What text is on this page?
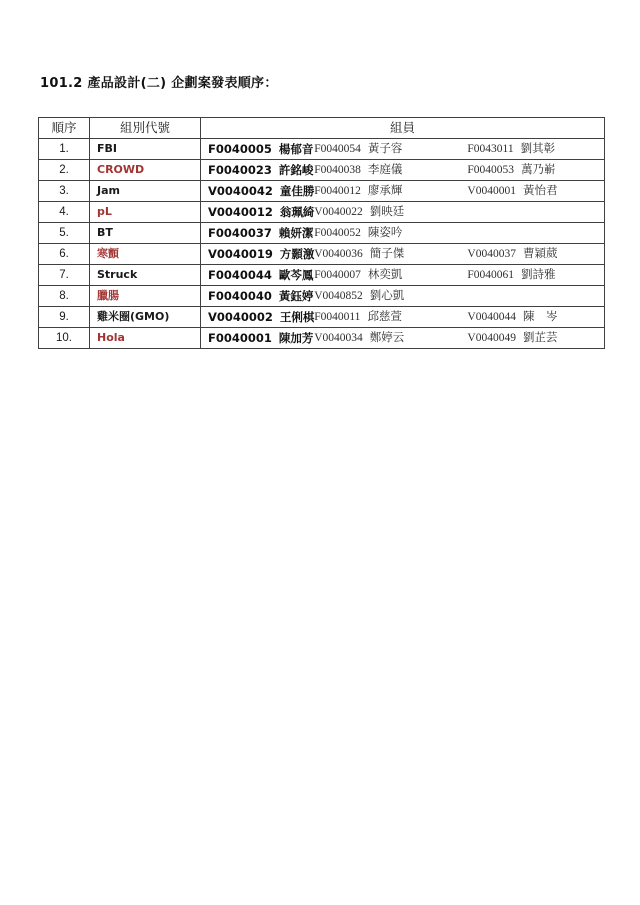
101.2 產品設計(二) 企劃案發表順序：
順序	組別代號	組員
1.	FBI	F0040005 楊郁音 F0040054 黃子容 F0043011 劉其彰
2.	CROWD	F0040023 許銘峻 F0040038 李庭儀 F0040053 萬乃嶄
3.	Jam	V0040042 童佳勝 F0040012 廖承輝 V0040001 黃怡君
4.	pL	V0040012 翁珮綺 V0040022 劉映廷
5.	BT	F0040037 賴妍潔 F0040052 陳姿吟
6.	寒顫	V0040019 方顥激 V0040036 簡子傑 V0040037 曹穎葳
7.	Struck	F0040044 歐芩鳳 F0040007 林奕凱 F0040061 劉詩雅
8.	臘腸	F0040040 黃鈺婷 V0040852 劉心凱
9.	雞米圈(GMO)	V0040002 王俐棋 F0040011 邱慈萱 V0040044 陳　岑
10.	Hola	F0040001 陳加芳 V0040034 鄭婷云 V0040049 劉芷芸
